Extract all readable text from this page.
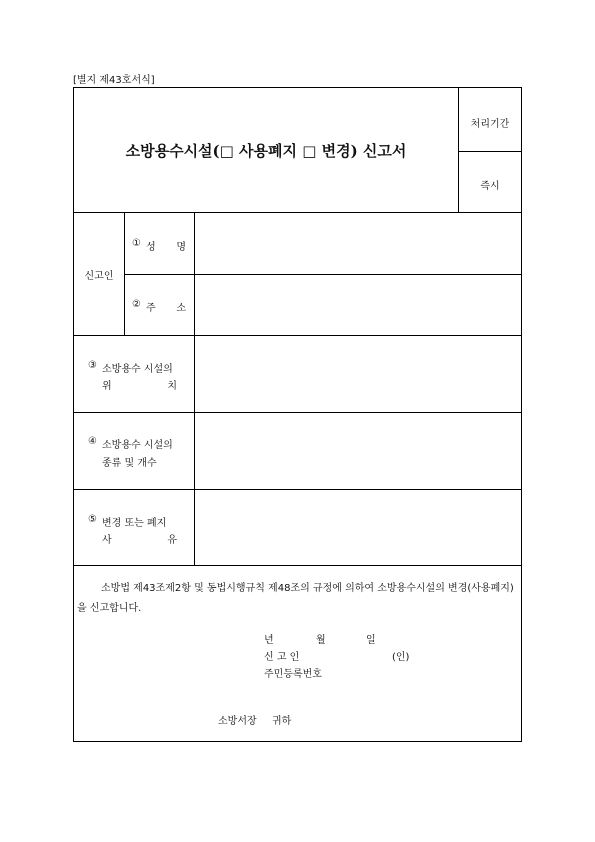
[별지 제43호서식]
소방용수시설(□ 사용폐지 □ 변경) 신고서
처리기간
즉시
신고인
① 성 명
② 주 소
③ 소방용수 시설의
위	치
④ 소방용수 시설의
종류 및 개수
⑤ 변경 또는 폐지
사	유
소방법 제43조제2항 및 동법시행규칙 제48조의 규정에 의하여 소방용수시설의 변경(사용폐지)을 신고합니다.
년	월	일
신 고 인	(인)
주민등록번호
소방서장 귀하
